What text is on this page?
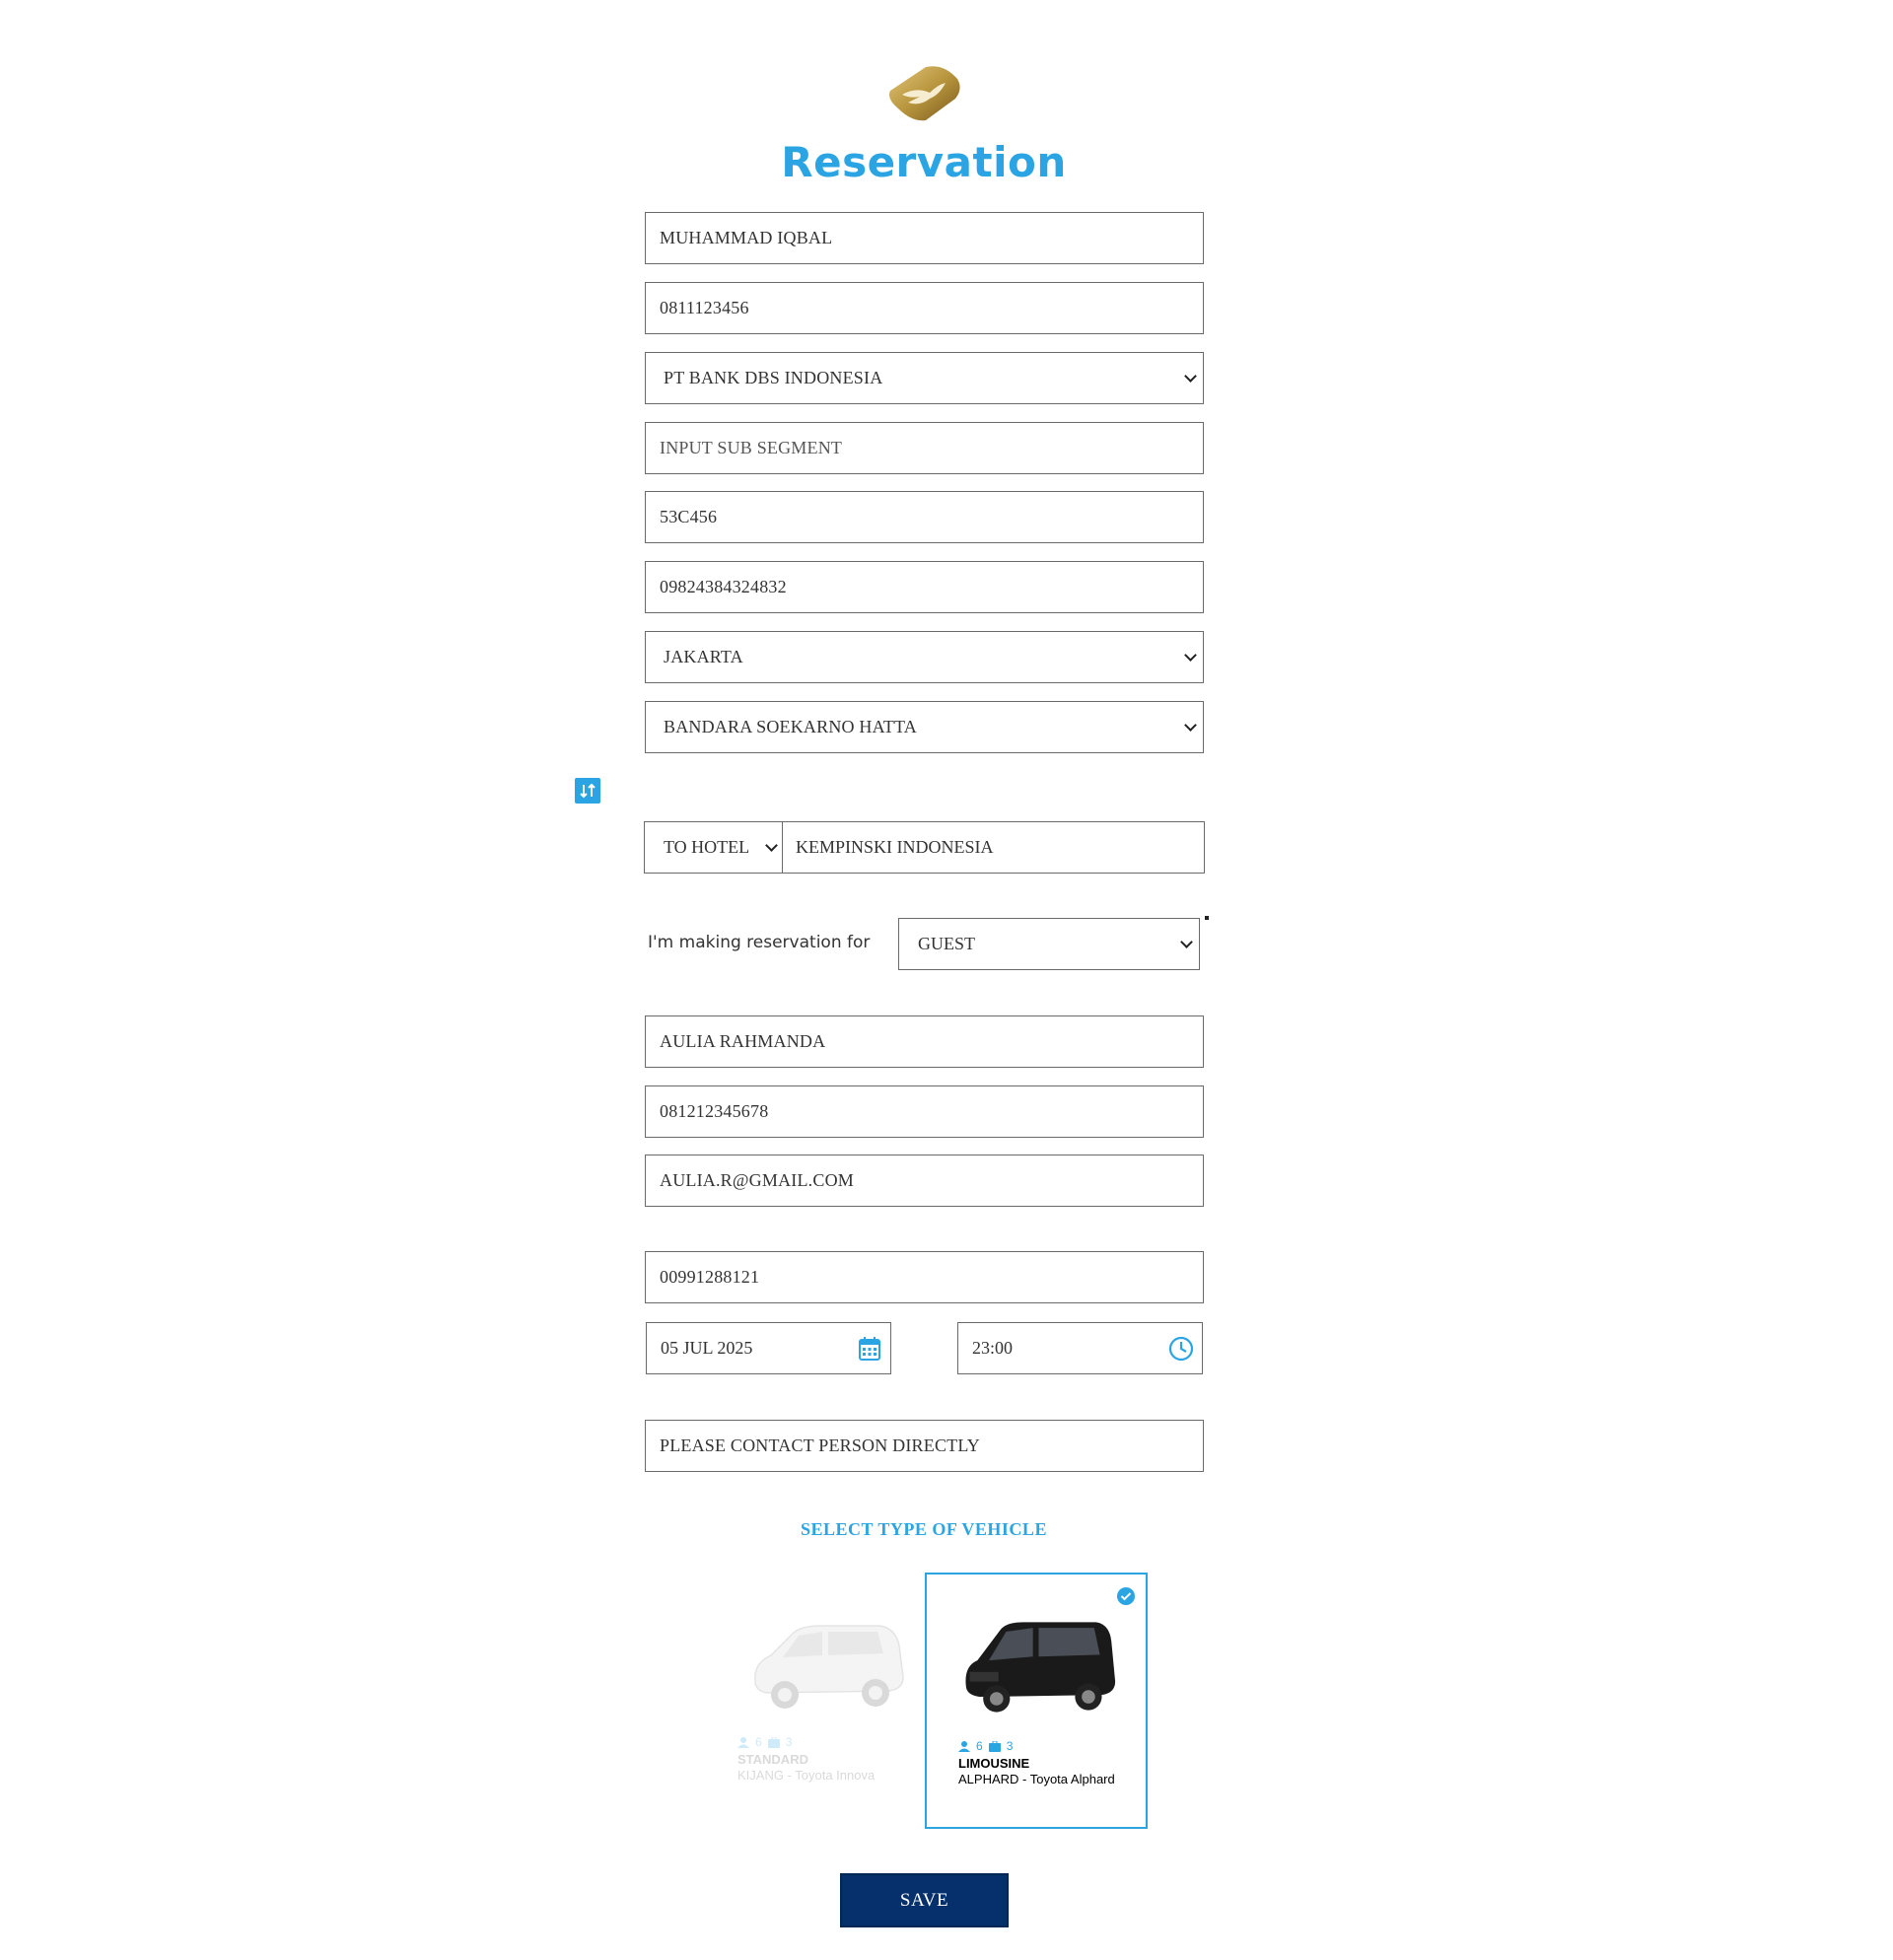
Reservation
MUHAMMAD IQBAL
0811123456
PT BANK DBS INDONESIA
INPUT SUB SEGMENT
53C456
09824384324832
JAKARTA
BANDARA SOEKARNO HATTA
TO HOTEL	KEMPINSKI INDONESIA
I'm making reservation for	GUEST
AULIA RAHMANDA
081212345678
AULIA.R@GMAIL.COM
00991288121
05 JUL 2025	23:00
PLEASE CONTACT PERSON DIRECTLY
SELECT TYPE OF VEHICLE
6 3
STANDARD
KIJANG - Toyota Innova
6 3
LIMOUSINE
ALPHARD - Toyota Alphard
SAVE
